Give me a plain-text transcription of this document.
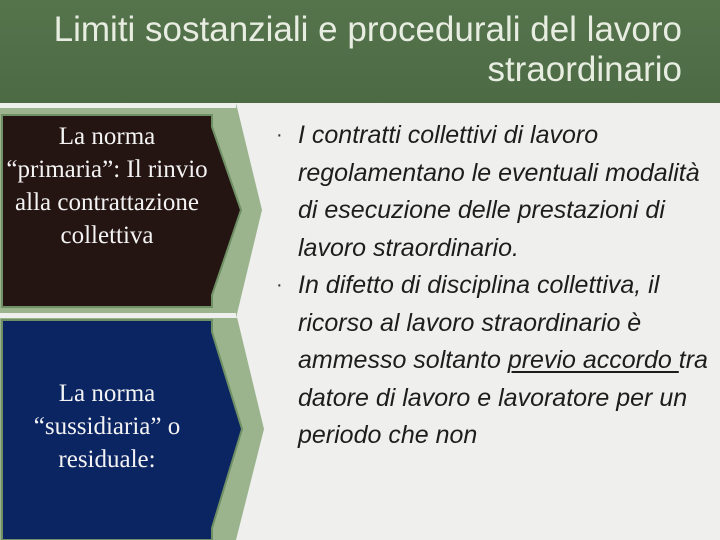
Limiti sostanziali e procedurali del lavoro straordinario
La norma “primaria”: Il rinvio alla contrattazione collettiva
La norma “sussidiaria” o residuale:
· I contratti collettivi di lavoro regolamentano le eventuali modalità di esecuzione delle prestazioni di lavoro straordinario.
· In difetto di disciplina collettiva, il ricorso al lavoro straordinario è ammesso soltanto previo accordo tra datore di lavoro e lavoratore per un periodo che non
